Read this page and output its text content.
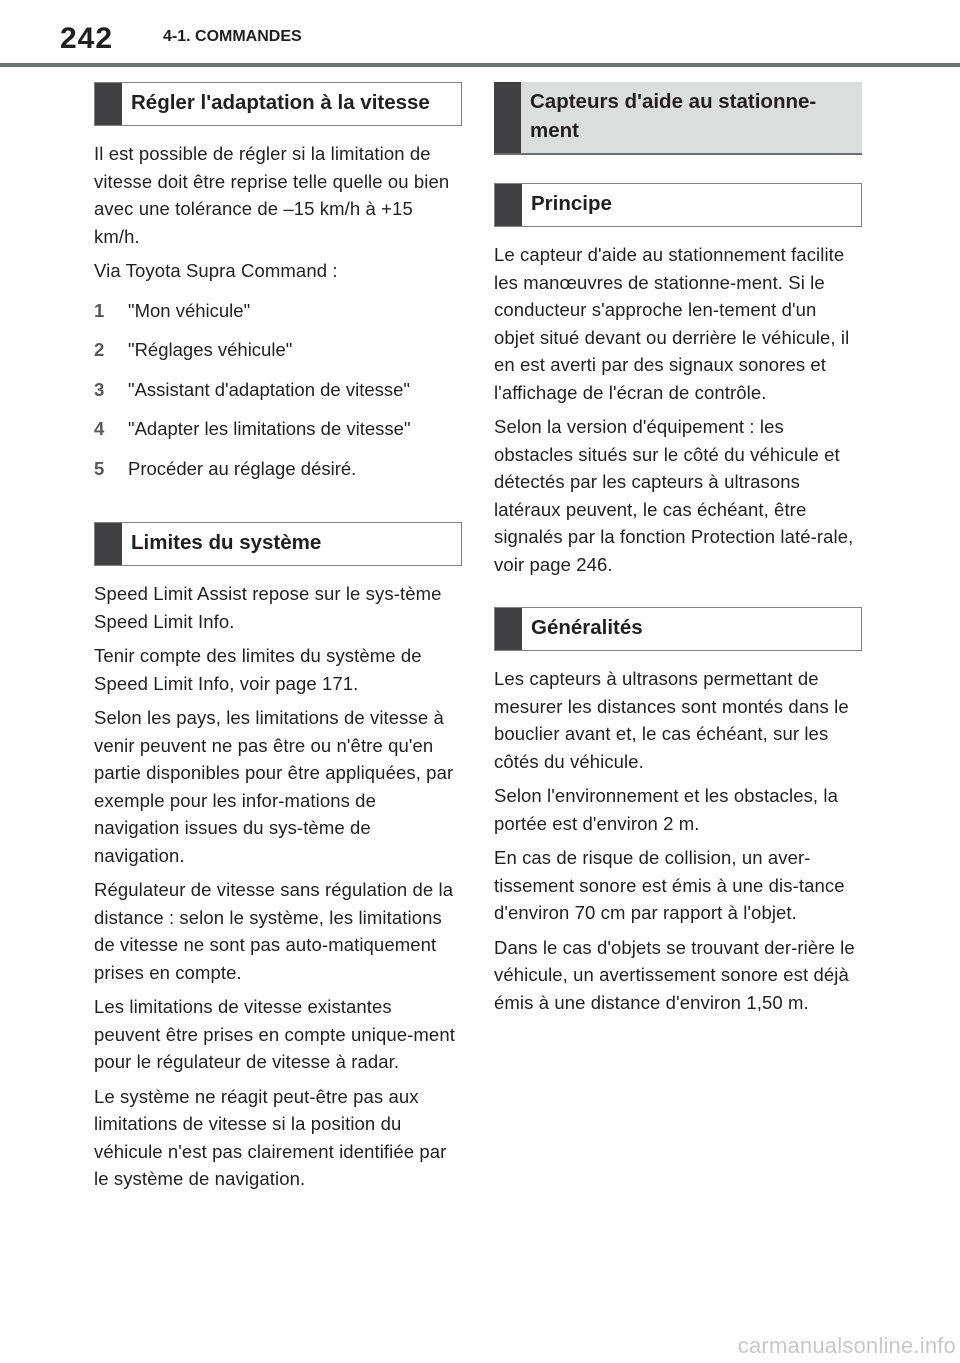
242	4-1. COMMANDES
Régler l'adaptation à la vitesse

Il est possible de régler si la limitation de vitesse doit être reprise telle quelle ou bien avec une tolérance de –15 km/h à +15 km/h.

Via Toyota Supra Command :

1	"Mon véhicule"
2	"Réglages véhicule"
3	"Assistant d'adaptation de vitesse"
4	"Adapter les limitations de vitesse"
5	Procéder au réglage désiré.
Limites du système

Speed Limit Assist repose sur le sys-tème Speed Limit Info.

Tenir compte des limites du système de Speed Limit Info, voir page 171.

Selon les pays, les limitations de vitesse à venir peuvent ne pas être ou n'être qu'en partie disponibles pour être appliquées, par exemple pour les infor-mations de navigation issues du sys-tème de navigation.

Régulateur de vitesse sans régulation de la distance : selon le système, les limitations de vitesse ne sont pas auto-matiquement prises en compte.

Les limitations de vitesse existantes peuvent être prises en compte unique-ment pour le régulateur de vitesse à radar.

Le système ne réagit peut-être pas aux limitations de vitesse si la position du véhicule n'est pas clairement identifiée par le système de navigation.

Capteurs d'aide au stationne-ment
Principe

Le capteur d'aide au stationnement facilite les manœuvres de stationne-ment. Si le conducteur s'approche len-tement d'un objet situé devant ou derrière le véhicule, il en est averti par des signaux sonores et l'affichage de l'écran de contrôle.

Selon la version d'équipement : les obstacles situés sur le côté du véhicule et détectés par les capteurs à ultrasons latéraux peuvent, le cas échéant, être signalés par la fonction Protection laté-rale, voir page 246.

Généralités

Les capteurs à ultrasons permettant de mesurer les distances sont montés dans le bouclier avant et, le cas échéant, sur les côtés du véhicule.

Selon l'environnement et les obstacles, la portée est d'environ 2 m.

En cas de risque de collision, un aver-tissement sonore est émis à une dis-tance d'environ 70 cm par rapport à l'objet.

Dans le cas d'objets se trouvant der-rière le véhicule, un avertissement sonore est déjà émis à une distance d'environ 1,50 m.

carmanualsonline.info
